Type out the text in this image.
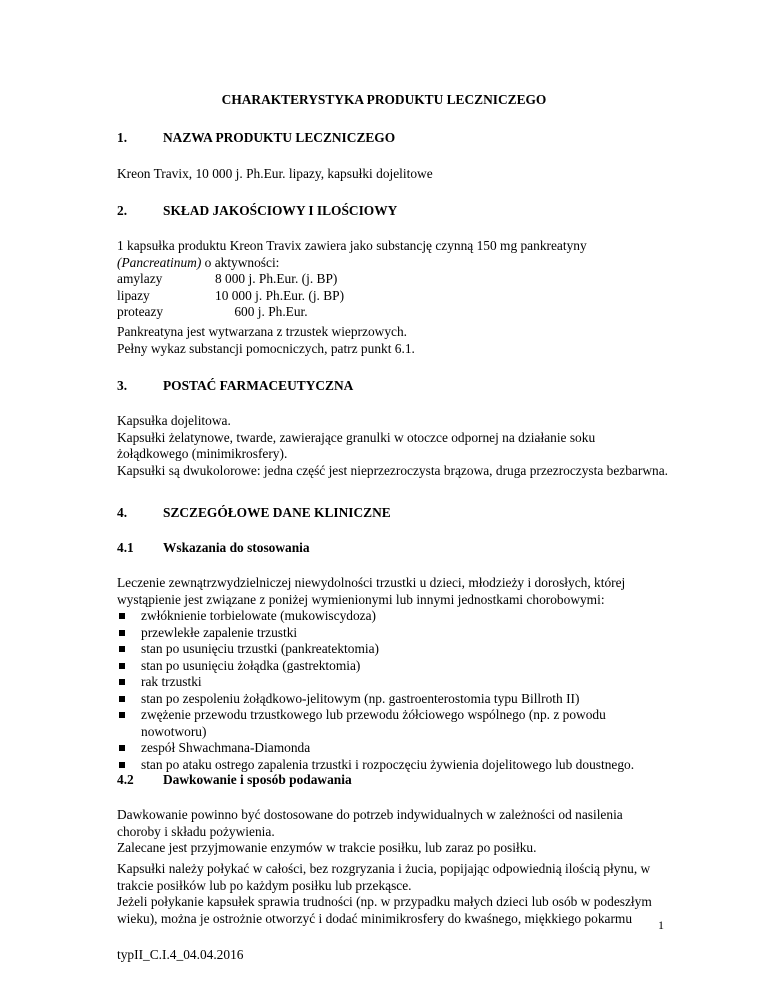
CHARAKTERYSTYKA PRODUKTU LECZNICZEGO
1.	NAZWA PRODUKTU LECZNICZEGO
Kreon Travix, 10 000 j. Ph.Eur. lipazy, kapsułki dojelitowe
2.	SKŁAD JAKOŚCIOWY I ILOŚCIOWY
1 kapsułka produktu Kreon Travix zawiera jako substancję czynną 150 mg pankreatyny
(Pancreatinum) o aktywności:
amylazy	8 000 j. Ph.Eur. (j. BP)
lipazy	10 000 j. Ph.Eur. (j. BP)
proteazy	600 j. Ph.Eur.
Pankreatyna jest wytwarzana z trzustek wieprzowych.
Pełny wykaz substancji pomocniczych, patrz punkt 6.1.
3.	POSTAĆ FARMACEUTYCZNA
Kapsułka dojelitowa.
Kapsułki żelatynowe, twarde, zawierające granulki w otoczce odpornej na działanie soku
żołądkowego (minimikrosfery).
Kapsułki są dwukolorowe: jedna część jest nieprzezroczysta brązowa, druga przezroczysta bezbarwna.
4.	SZCZEGÓŁOWE DANE KLINICZNE
4.1 Wskazania do stosowania
Leczenie zewnątrzwydzielniczej niewydolności trzustki u dzieci, młodzieży i dorosłych, której
wystąpienie jest związane z poniżej wymienionymi lub innymi jednostkami chorobowymi:
zwłóknienie torbielowate (mukowiscydoza)
przewlekłe zapalenie trzustki
stan po usunięciu trzustki (pankreatektomia)
stan po usunięciu żołądka (gastrektomia)
rak trzustki
stan po zespoleniu żołądkowo-jelitowym (np. gastroenterostomia typu Billroth II)
zwężenie przewodu trzustkowego lub przewodu żółciowego wspólnego (np. z powodu
nowotworu)
zespół Shwachmana-Diamonda
stan po ataku ostrego zapalenia trzustki i rozpoczęciu żywienia dojelitowego lub doustnego.
4.2 Dawkowanie i sposób podawania
Dawkowanie powinno być dostosowane do potrzeb indywidualnych w zależności od nasilenia
choroby i składu pożywienia.
Zalecane jest przyjmowanie enzymów w trakcie posiłku, lub zaraz po posiłku.
Kapsułki należy połykać w całości, bez rozgryzania i żucia, popijając odpowiednią ilością płynu, w
trakcie posiłków lub po każdym posiłku lub przekąsce.
Jeżeli połykanie kapsułek sprawia trudności (np. w przypadku małych dzieci lub osób w podeszłym
wieku), można je ostrożnie otworzyć i dodać minimikrosfery do kwaśnego, miękkiego pokarmu	1
typII_C.I.4_04.04.2016
